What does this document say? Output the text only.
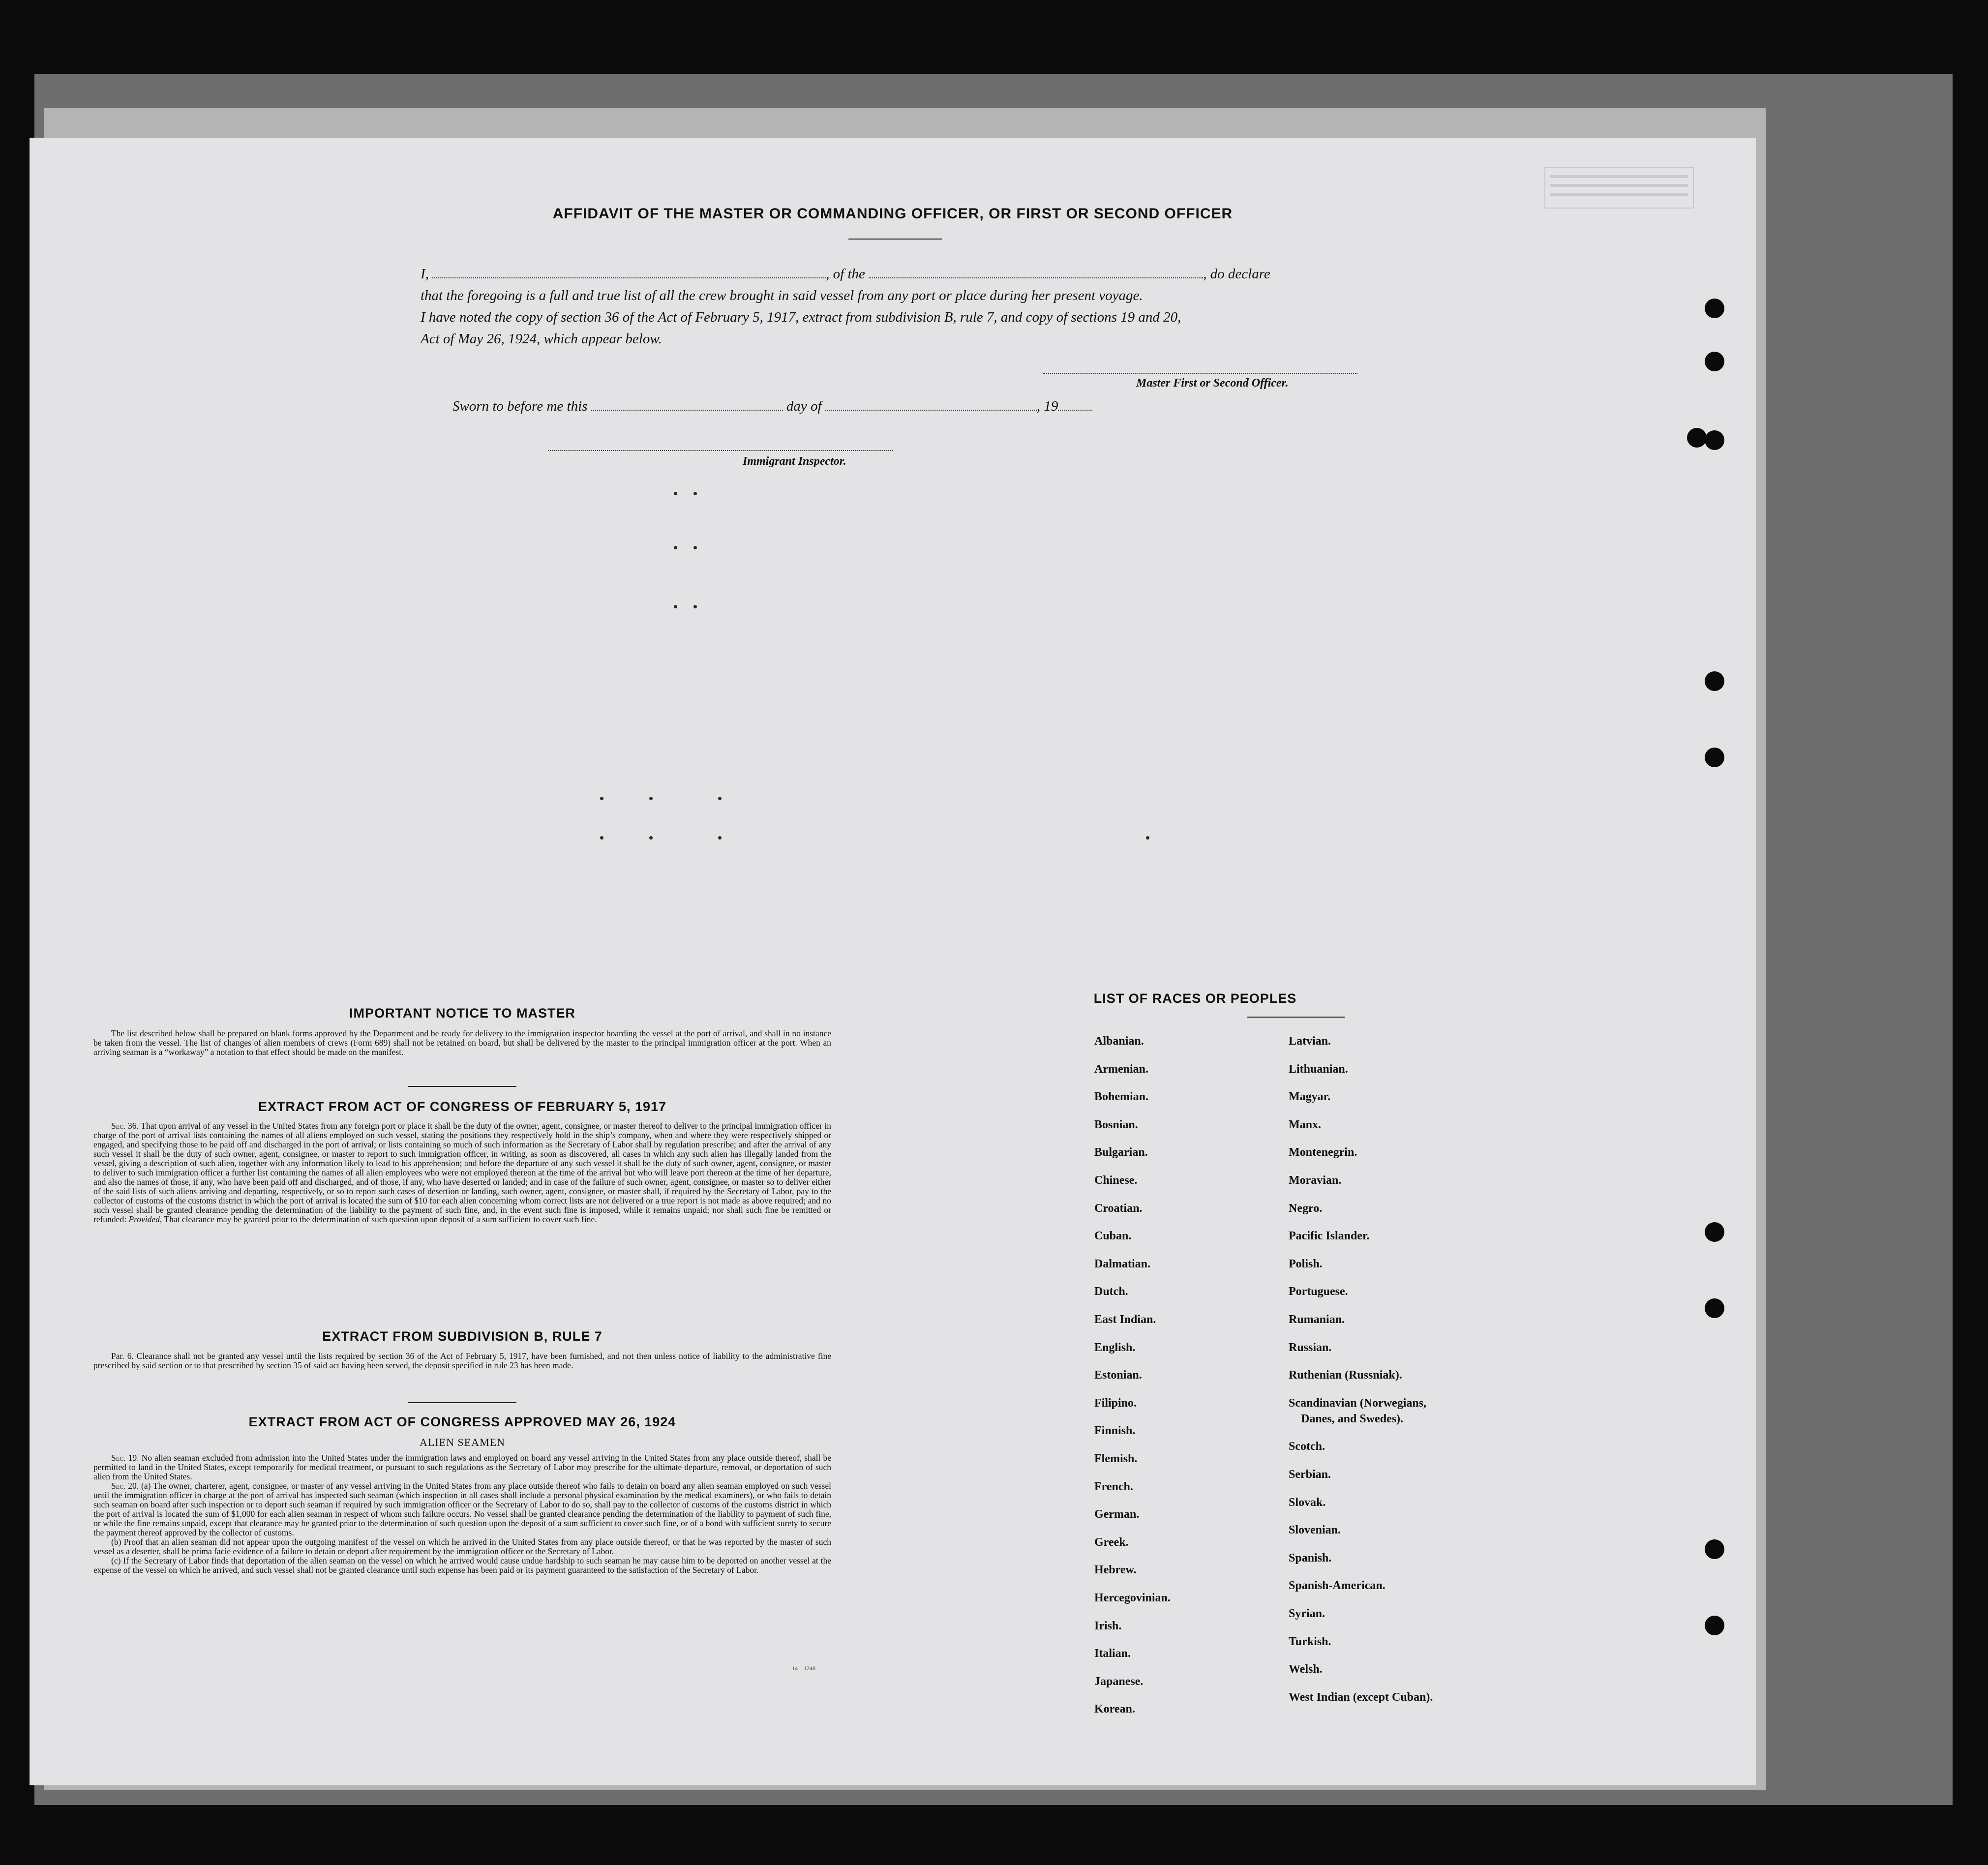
AFFIDAVIT OF THE MASTER OR COMMANDING OFFICER, OR FIRST OR SECOND OFFICER

I,	, of the	, do declare

that the foregoing is a full and true list of all the crew brought in said vessel from any port or place during her present voyage.

I have noted the copy of section 36 of the Act of February 5, 1917, extract from subdivision B, rule 7, and copy of sections 19 and 20,

Act of May 26, 1924, which appear below.

Master First or Second Officer.
Sworn to before me this	day of	, 19
Immigrant Inspector.
IMPORTANT NOTICE TO MASTER

The list described below shall be prepared on blank forms approved by the Department and be ready for delivery to the immigration inspector boarding the vessel at the port of arrival, and shall in no instance be taken from the vessel. The list of changes of alien members of crews (Form 689) shall not be retained on board, but shall be delivered by the master to the principal immigration officer at the port. When an arriving seaman is a “workaway” a notation to that effect should be made on the manifest.

EXTRACT FROM ACT OF CONGRESS OF FEBRUARY 5, 1917

Sec. 36. That upon arrival of any vessel in the United States from any foreign port or place it shall be the duty of the owner, agent, consignee, or master thereof to deliver to the principal immigration officer in charge of the port of arrival lists containing the names of all aliens employed on such vessel, stating the positions they respectively hold in the ship’s company, when and where they were respectively shipped or engaged, and specifying those to be paid off and discharged in the port of arrival; or lists containing so much of such information as the Secretary of Labor shall by regulation prescribe; and after the arrival of any such vessel it shall be the duty of such owner, agent, consignee, or master to report to such immigration officer, in writing, as soon as discovered, all cases in which any such alien has illegally landed from the vessel, giving a description of such alien, together with any information likely to lead to his apprehension; and before the departure of any such vessel it shall be the duty of such owner, agent, consignee, or master to deliver to such immigration officer a further list containing the names of all alien employees who were not employed thereon at the time of the arrival but who will leave port thereon at the time of her departure, and also the names of those, if any, who have been paid off and discharged, and of those, if any, who have deserted or landed; and in case of the failure of such owner, agent, consignee, or master so to deliver either of the said lists of such aliens arriving and departing, respectively, or so to report such cases of desertion or landing, such owner, agent, consignee, or master shall, if required by the Secretary of Labor, pay to the collector of customs of the customs district in which the port of arrival is located the sum of $10 for each alien concerning whom correct lists are not delivered or a true report is not made as above required; and no such vessel shall be granted clearance pending the determination of the liability to the payment of such fine, and, in the event such fine is imposed, while it remains unpaid; nor shall such fine be remitted or refunded: Provided, That clearance may be granted prior to the determination of such question upon deposit of a sum sufficient to cover such fine.

EXTRACT FROM SUBDIVISION B, RULE 7

Par. 6. Clearance shall not be granted any vessel until the lists required by section 36 of the Act of February 5, 1917, have been furnished, and not then unless notice of liability to the administrative fine prescribed by said section or to that prescribed by section 35 of said act having been served, the deposit specified in rule 23 has been made.

EXTRACT FROM ACT OF CONGRESS APPROVED MAY 26, 1924
ALIEN SEAMEN

Sec. 19. No alien seaman excluded from admission into the United States under the immigration laws and employed on board any vessel arriving in the United States from any place outside thereof, shall be permitted to land in the United States, except temporarily for medical treatment, or pursuant to such regulations as the Secretary of Labor may prescribe for the ultimate departure, removal, or deportation of such alien from the United States.

Sec. 20. (a) The owner, charterer, agent, consignee, or master of any vessel arriving in the United States from any place outside thereof who fails to detain on board any alien seaman employed on such vessel until the immigration officer in charge at the port of arrival has inspected such seaman (which inspection in all cases shall include a personal physical examination by the medical examiners), or who fails to detain such seaman on board after such inspection or to deport such seaman if required by such immigration officer or the Secretary of Labor to do so, shall pay to the collector of customs of the customs district in which the port of arrival is located the sum of $1,000 for each alien seaman in respect of whom such failure occurs. No vessel shall be granted clearance pending the determination of the liability to payment of such fine, or while the fine remains unpaid, except that clearance may be granted prior to the determination of such question upon the deposit of a sum sufficient to cover such fine, or of a bond with sufficient surety to secure the payment thereof approved by the collector of customs.

(b) Proof that an alien seaman did not appear upon the outgoing manifest of the vessel on which he arrived in the United States from any place outside thereof, or that he was reported by the master of such vessel as a deserter, shall be prima facie evidence of a failure to detain or deport after requirement by the immigration officer or the Secretary of Labor.

(c) If the Secretary of Labor finds that deportation of the alien seaman on the vessel on which he arrived would cause undue hardship to such seaman he may cause him to be deported on another vessel at the expense of the vessel on which he arrived, and such vessel shall not be granted clearance until such expense has been paid or its payment guaranteed to the satisfaction of the Secretary of Labor.

14—1240
LIST OF RACES OR PEOPLES
Albanian.
Armenian.
Bohemian.
Bosnian.
Bulgarian.
Chinese.
Croatian.
Cuban.
Dalmatian.
Dutch.
East Indian.
English.
Estonian.
Filipino.
Finnish.
Flemish.
French.
German.
Greek.
Hebrew.
Hercegovinian.
Irish.
Italian.
Japanese.
Korean.
Latvian.
Lithuanian.
Magyar.
Manx.
Montenegrin.
Moravian.
Negro.
Pacific Islander.
Polish.
Portuguese.
Rumanian.
Russian.
Ruthenian (Russniak).
Scandinavian (Norwegians,
Danes, and Swedes).
Scotch.
Serbian.
Slovak.
Slovenian.
Spanish.
Spanish-American.
Syrian.
Turkish.
Welsh.
West Indian (except Cuban).
